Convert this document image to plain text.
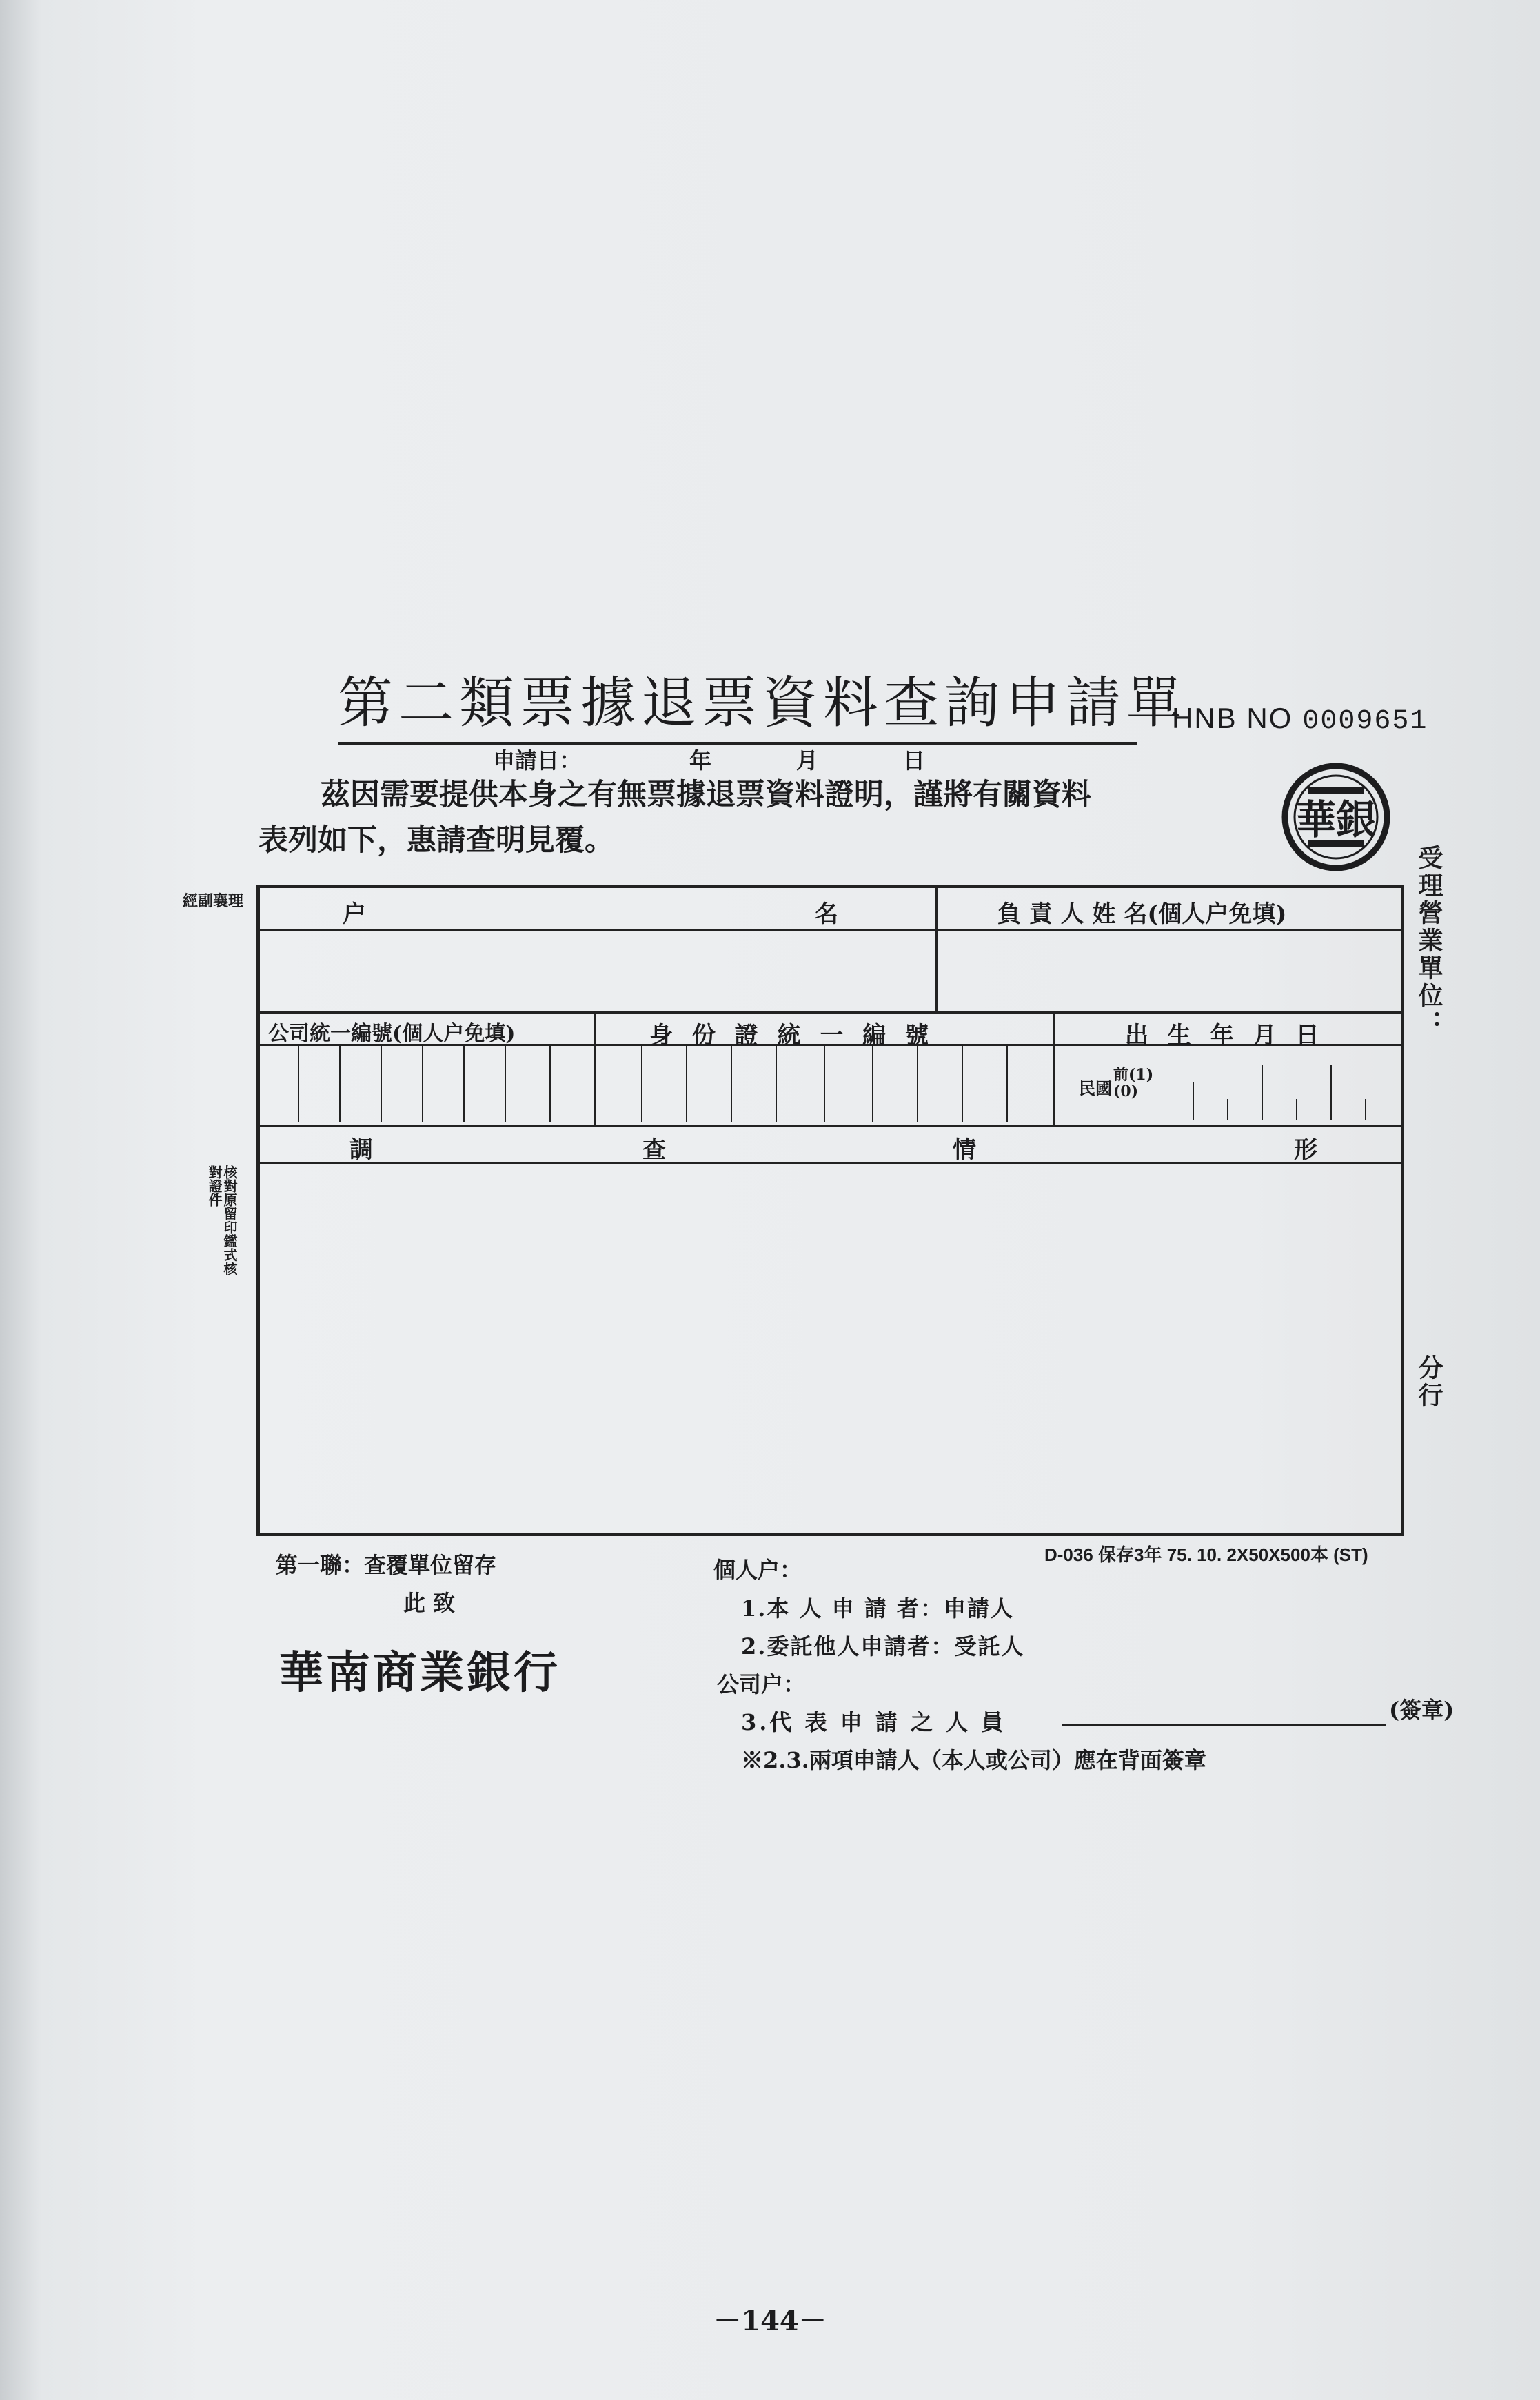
第二類票據退票資料查詢申請單
HNB NO 0009651
申請日：	年	月	日
茲因需要提供本身之有無票據退票資料證明，謹將有關資料
表列如下，惠請查明見覆。	華銀
經副襄理
核對原留印鑑式核對證件
受理營業單位：
分行
户	名	負 責 人 姓 名(個人户免填)
公司統一編號(個人户免填)	身 份 證 統 一 編 號	出 生 年 月 日
民國
前(1)
(0)
調	查	情	形
D-036 保存3年 75. 10. 2X50X500本 (ST)
第一聯：查覆單位留存
此 致
華南商業銀行
個人户：
1.本 人 申 請 者：申請人
2.委託他人申請者：受託人
公司户：
3.代 表 申 請 之 人 員	(簽章)
※2.3.兩項申請人（本人或公司）應在背面簽章
－144－
